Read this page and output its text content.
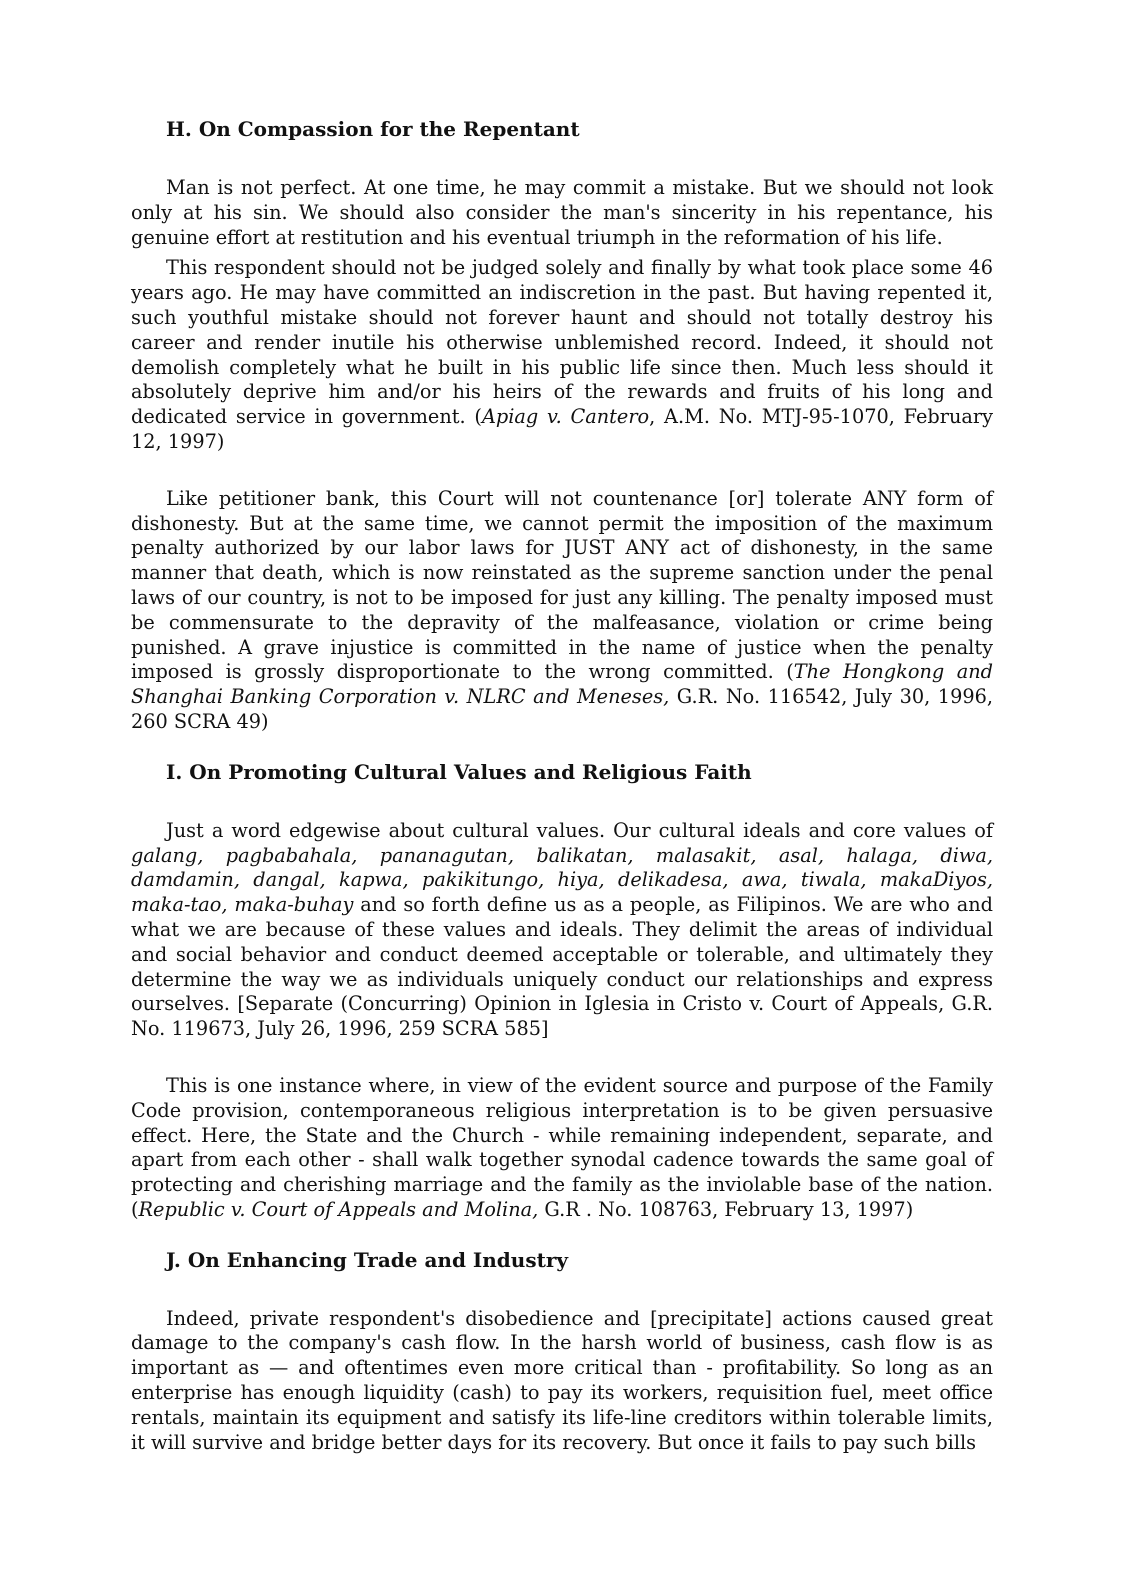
H. On Compassion for the Repentant

Man is not perfect. At one time, he may commit a mistake. But we should not look only at his sin. We should also consider the man's sincerity in his repentance, his genuine effort at restitution and his eventual triumph in the reformation of his life.

This respondent should not be judged solely and finally by what took place some 46 years ago. He may have committed an indiscretion in the past. But having repented it, such youthful mistake should not forever haunt and should not totally destroy his career and render inutile his otherwise unblemished record. Indeed, it should not demolish completely what he built in his public life since then. Much less should it absolutely deprive him and/or his heirs of the rewards and fruits of his long and dedicated service in government. (Apiag v. Cantero, A.M. No. MTJ-95-1070, February 12, 1997)

Like petitioner bank, this Court will not countenance [or] tolerate ANY form of dishonesty. But at the same time, we cannot permit the imposition of the maximum penalty authorized by our labor laws for JUST ANY act of dishonesty, in the same manner that death, which is now reinstated as the supreme sanction under the penal laws of our country, is not to be imposed for just any killing. The penalty imposed must be commensurate to the depravity of the malfeasance, violation or crime being punished. A grave injustice is committed in the name of justice when the penalty imposed is grossly disproportionate to the wrong committed. (The Hongkong and Shanghai Banking Corporation v. NLRC and Meneses, G.R. No. 116542, July 30, 1996, 260 SCRA 49)

I. On Promoting Cultural Values and Religious Faith

Just a word edgewise about cultural values. Our cultural ideals and core values of galang, pagbabahala, pananagutan, balikatan, malasakit, asal, halaga, diwa, damdamin, dangal, kapwa, pakikitungo, hiya, delikadesa, awa, tiwala, makaDiyos, maka-tao, maka-buhay and so forth define us as a people, as Filipinos. We are who and what we are because of these values and ideals. They delimit the areas of individual and social behavior and conduct deemed acceptable or tolerable, and ultimately they determine the way we as individuals uniquely conduct our relationships and express ourselves. [Separate (Concurring) Opinion in Iglesia in Cristo v. Court of Appeals, G.R. No. 119673, July 26, 1996, 259 SCRA 585]

This is one instance where, in view of the evident source and purpose of the Family Code provision, contemporaneous religious interpretation is to be given persuasive effect. Here, the State and the Church - while remaining independent, separate, and apart from each other - shall walk together synodal cadence towards the same goal of protecting and cherishing marriage and the family as the inviolable base of the nation. (Republic v. Court of Appeals and Molina, G.R . No. 108763, February 13, 1997)

J. On Enhancing Trade and Industry

Indeed, private respondent's disobedience and [precipitate] actions caused great damage to the company's cash flow. In the harsh world of business, cash flow is as important as — and oftentimes even more critical than - profitability. So long as an enterprise has enough liquidity (cash) to pay its workers, requisition fuel, meet office rentals, maintain its equipment and satisfy its life-line creditors within tolerable limits, it will survive and bridge better days for its recovery. But once it fails to pay such bills
